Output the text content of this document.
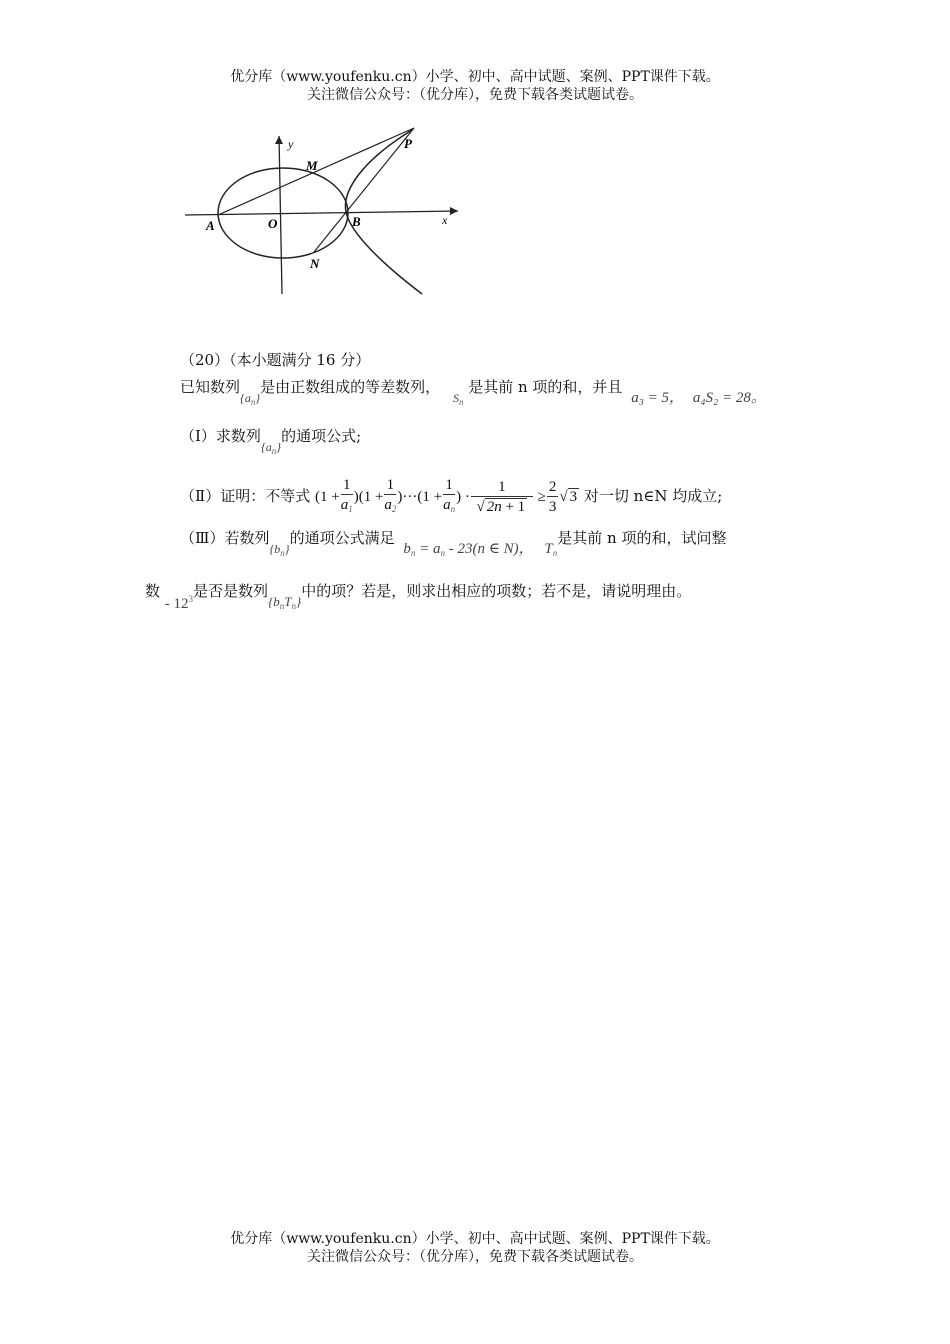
优分库（www.youfenku.cn）小学、初中、高中试题、案例、PPT课件下载。
关注微信公众号：（优分库），免费下载各类试题试卷。
y
x
M
P
A	O	B
N
（20）（本小题满分 16 分）
已知数列$_{\{a_n\}}$是由正数组成的等差数列， $_{S_n}$ 是其前 n 项的和，并且 a₃ = 5， a₄S₂ = 28。
（I）求数列$_{\{a_n\}}$的通项公式;
（Ⅱ）证明：不等式 $(1 + \frac{1}{a_1} )(1 + \frac{1}{a_2} )\cdot\cdot\cdot(1 + \frac{1}{a_n}$ ) · $\frac{1}{√ 2n + 1} \ge \frac{2}{3}$ √ 3 对一切 n∈N 均成立;
（Ⅲ）若数列$_{\{b_n\}}$的通项公式满足 $b_n = a_n - 23(n$ ∈ N)， $T_n$是其前 n 项的和，试问整
数 - $12^3$是否是数列$\{b_nT_n\}$中的项？若是，则求出相应的项数；若不是，请说明理由。
优分库（www.youfenku.cn）小学、初中、高中试题、案例、PPT课件下载。
关注微信公众号：（优分库），免费下载各类试题试卷。
